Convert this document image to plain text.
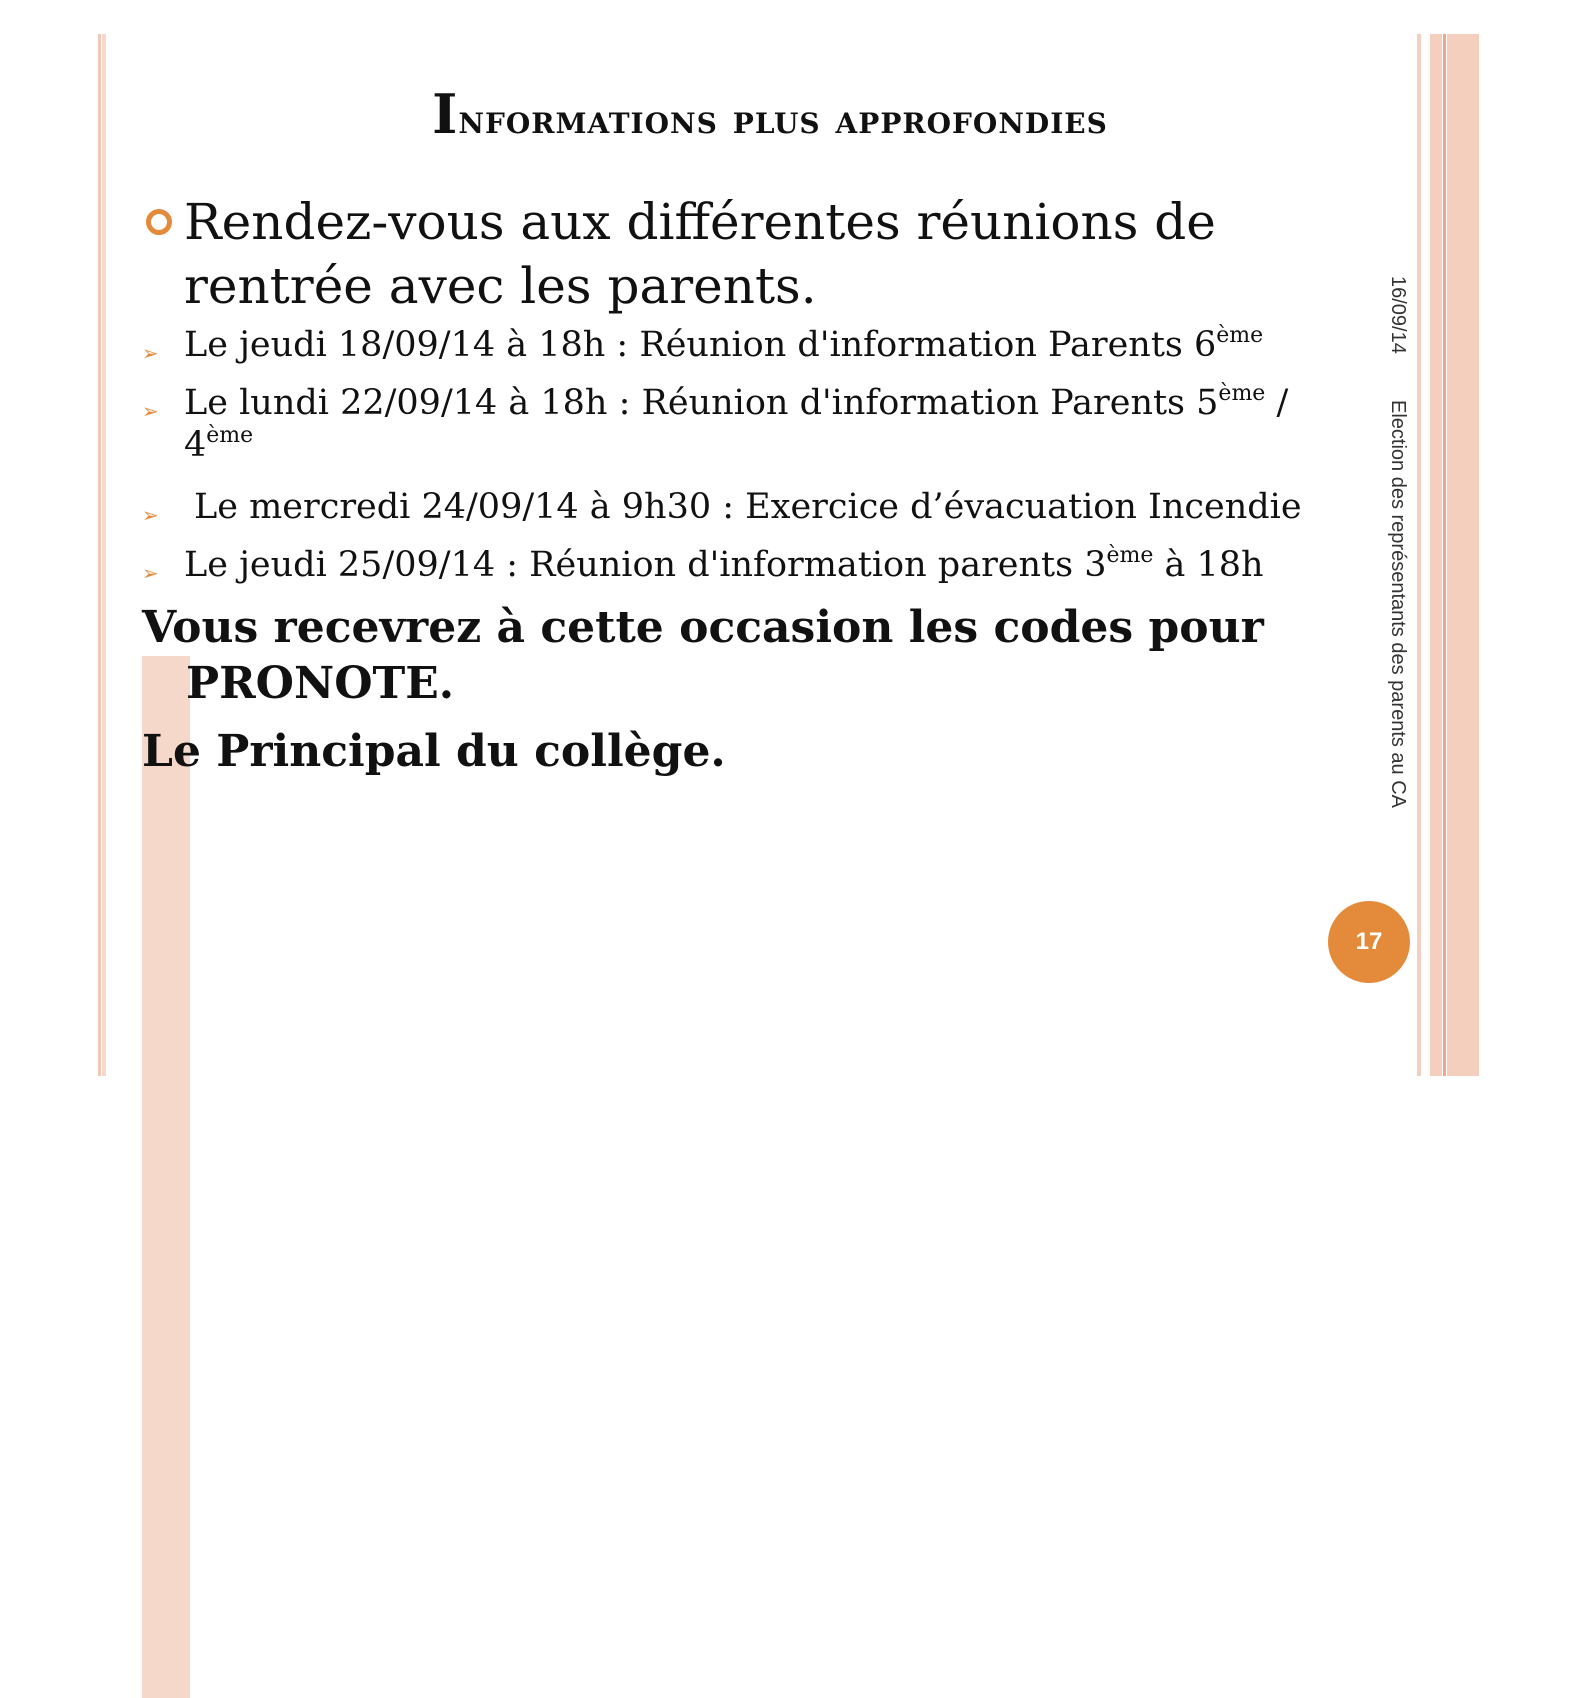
Informations plus approfondies
Rendez-vous aux différentes réunions de
rentrée avec les parents.
➢ Le jeudi 18/09/14 à 18h : Réunion d'information Parents 6ème
➢ Le lundi 22/09/14 à 18h : Réunion d'information Parents 5ème /
4ème
➢ Le mercredi 24/09/14 à 9h30 : Exercice d’évacuation Incendie
➢ Le jeudi 25/09/14 : Réunion d'information parents 3ème à 18h
Vous recevrez à cette occasion les codes pour
PRONOTE.
Le Principal du collège.
16/09/14
Election des représentants des parents au CA
17
